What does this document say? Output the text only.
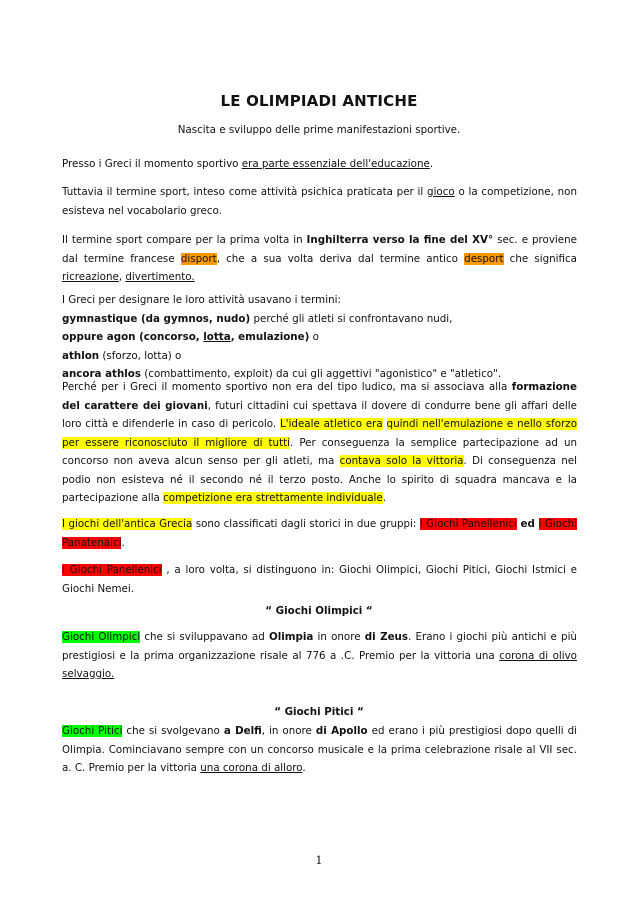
LE OLIMPIADI ANTICHE
Nascita e sviluppo delle prime manifestazioni sportive.

Presso i Greci il momento sportivo era parte essenziale dell'educazione.

Tuttavia il termine sport, inteso come attività psichica praticata per il gioco o la competizione, non esisteva nel vocabolario greco.

Il termine sport compare per la prima volta in Inghilterra verso la fine del XV° sec. e proviene dal termine francese disport, che a sua volta deriva dal termine antico desport che significa ricreazione, divertimento.

I Greci per designare le loro attività usavano i termini:
gymnastique (da gymnos, nudo) perché gli atleti si confrontavano nudi,
oppure agon (concorso, lotta, emulazione) o
athlon (sforzo, lotta) o
ancora athlos (combattimento, exploit) da cui gli aggettivi "agonistico" e "atletico".

Perché per i Greci il momento sportivo non era del tipo ludico, ma si associava alla formazione del carattere dei giovani, futuri cittadini cui spettava il dovere di condurre bene gli affari delle loro città e difenderle in caso di pericolo. L'ideale atletico era quindi nell'emulazione e nello sforzo per essere riconosciuto il migliore di tutti. Per conseguenza la semplice partecipazione ad un concorso non aveva alcun senso per gli atleti, ma contava solo la vittoria. Di conseguenza nel podio non esisteva né il secondo né il terzo posto. Anche lo spirito di squadra mancava e la partecipazione alla competizione era strettamente individuale.

I giochi dell'antica Grecia sono classificati dagli storici in due gruppi: I Giochi Panellenici ed i Giochi Panatenaici.

I Giochi Panellenici , a loro volta, si distinguono in: Giochi Olimpici, Giochi Pitici, Giochi Istmici e Giochi Nemei.

“ Giochi Olimpici “

Giochi Olimpici che si sviluppavano ad Olimpia in onore di Zeus. Erano i giochi più antichi e più prestigiosi e la prima organizzazione risale al 776 a .C. Premio per la vittoria una corona di olivo selvaggio.

“ Giochi Pitici “

Giochi Pitici che si svolgevano a Delfi, in onore di Apollo ed erano i più prestigiosi dopo quelli di Olimpia. Cominciavano sempre con un concorso musicale e la prima celebrazione risale al VII sec. a. C. Premio per la vittoria una corona di alloro.

1
